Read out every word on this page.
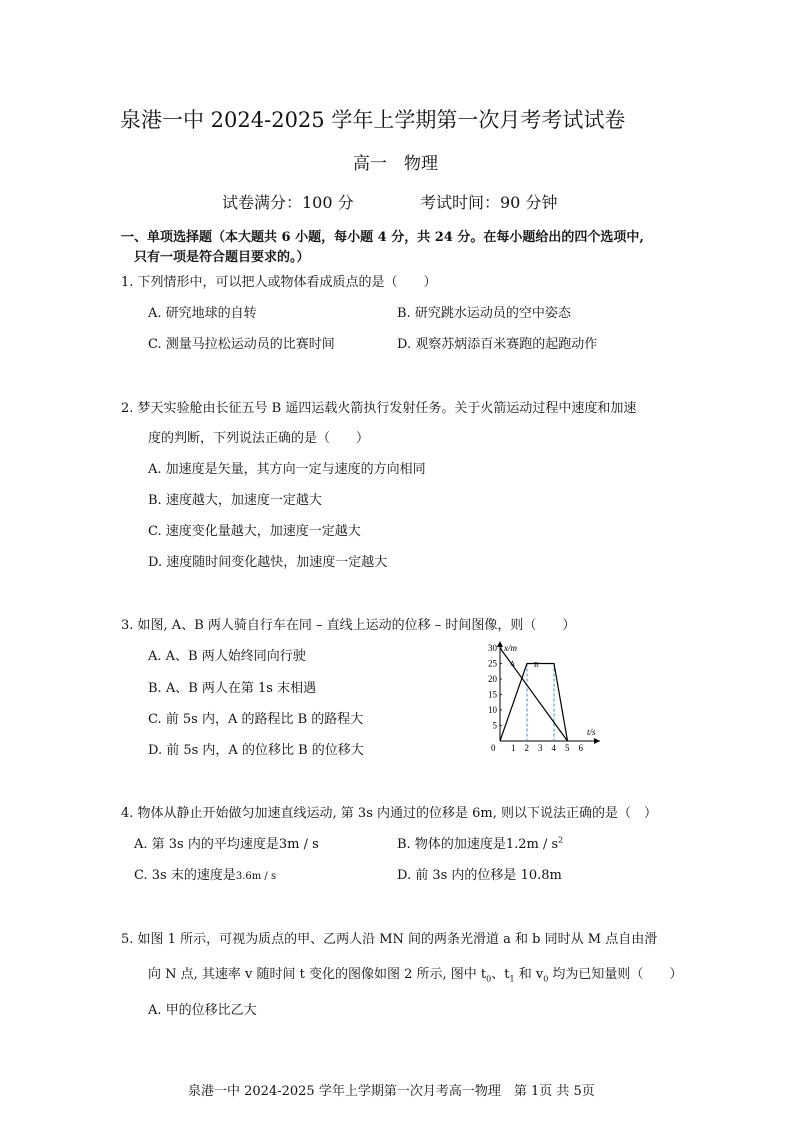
泉港一中 2024-2025 学年上学期第一次月考考试试卷
高一　物理
试卷满分：100 分	考试时间：90 分钟
一、单项选择题（本大题共 6 小题，每小题 4 分，共 24 分。在每小题给出的四个选项中,
只有一项是符合题目要求的。）
1. 下列情形中，可以把人或物体看成质点的是（　　）
A. 研究地球的自转	B. 研究跳水运动员的空中姿态
C. 测量马拉松运动员的比赛时间	D. 观察苏炳添百米赛跑的起跑动作
2. 梦天实验舱由长征五号 B 遥四运载火箭执行发射任务。关于火箭运动过程中速度和加速
度的判断，下列说法正确的是（　　）
A. 加速度是矢量，其方向一定与速度的方向相同
B. 速度越大，加速度一定越大
C. 速度变化量越大，加速度一定越大
D. 速度随时间变化越快，加速度一定越大
3. 如图, A、B 两人骑自行车在同 – 直线上运动的位移 – 时间图像，则（　　）
A. A、B 两人始终同向行驶
B. A、B 两人在第 1s 末相遇
C. 前 5s 内，A 的路程比 B 的路程大
D. 前 5s 内，A 的位移比 B 的位移大
x/m
t/s
A	B
0 1 2 3 4 5 6
5
10
15
20
25
30
4. 物体从静止开始做匀加速直线运动, 第 3s 内通过的位移是 6m, 则以下说法正确的是（　）
A. 第 3s 内的平均速度是3m / s	B. 物体的加速度是$1.2m / s^2$
C. 3s 末的速度是3.6m / s	D. 前 3s 内的位移是 10.8m
5. 如图 1 所示，可视为质点的甲、乙两人沿 MN 间的两条光滑道 a 和 b 同时从 M 点自由滑
向 N 点, 其速率 v 随时间 t 变化的图像如图 2 所示, 图中 $t_0$、$t_1$ 和 $v_0$ 均为已知量则（　　）
A. 甲的位移比乙大
泉港一中 2024-2025 学年上学期第一次月考高一物理　第 1页 共 5页
